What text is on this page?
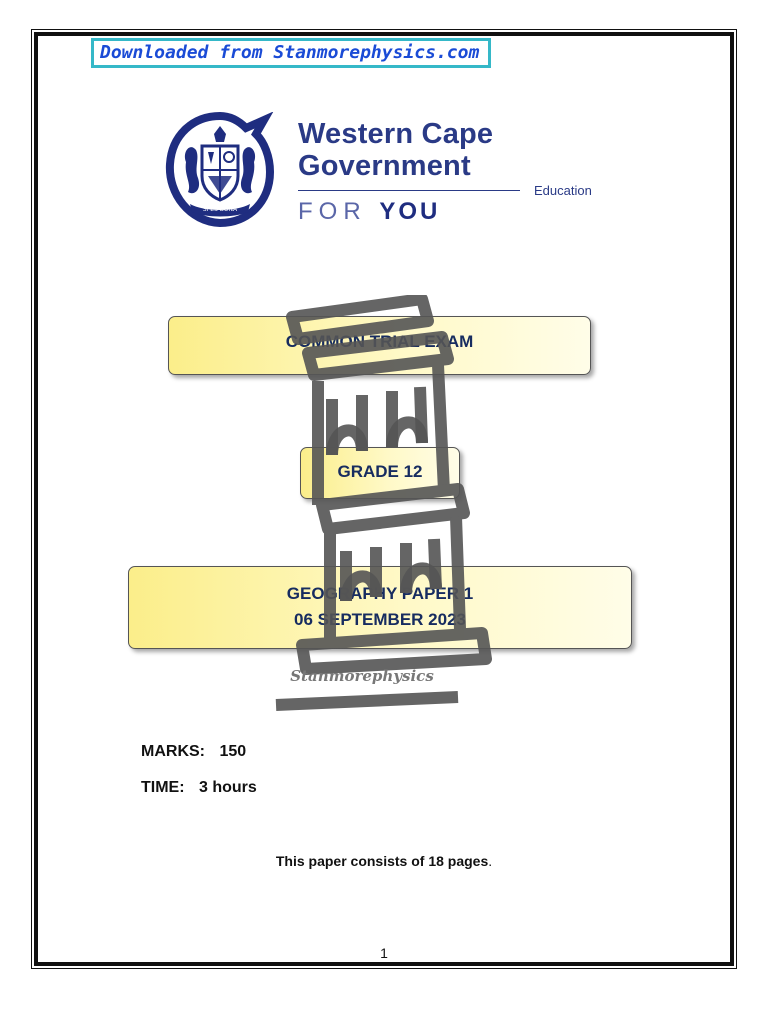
Downloaded from Stanmorephysics.com
SPES BONA
Western Cape
Government
Education
FOR YOU
COMMON TRIAL EXAM
GRADE 12
GEOGRAPHY PAPER 1
06 SEPTEMBER 2023
Stanmorephysics
MARKS: 150
TIME: 3 hours
This paper consists of 18 pages.
1
